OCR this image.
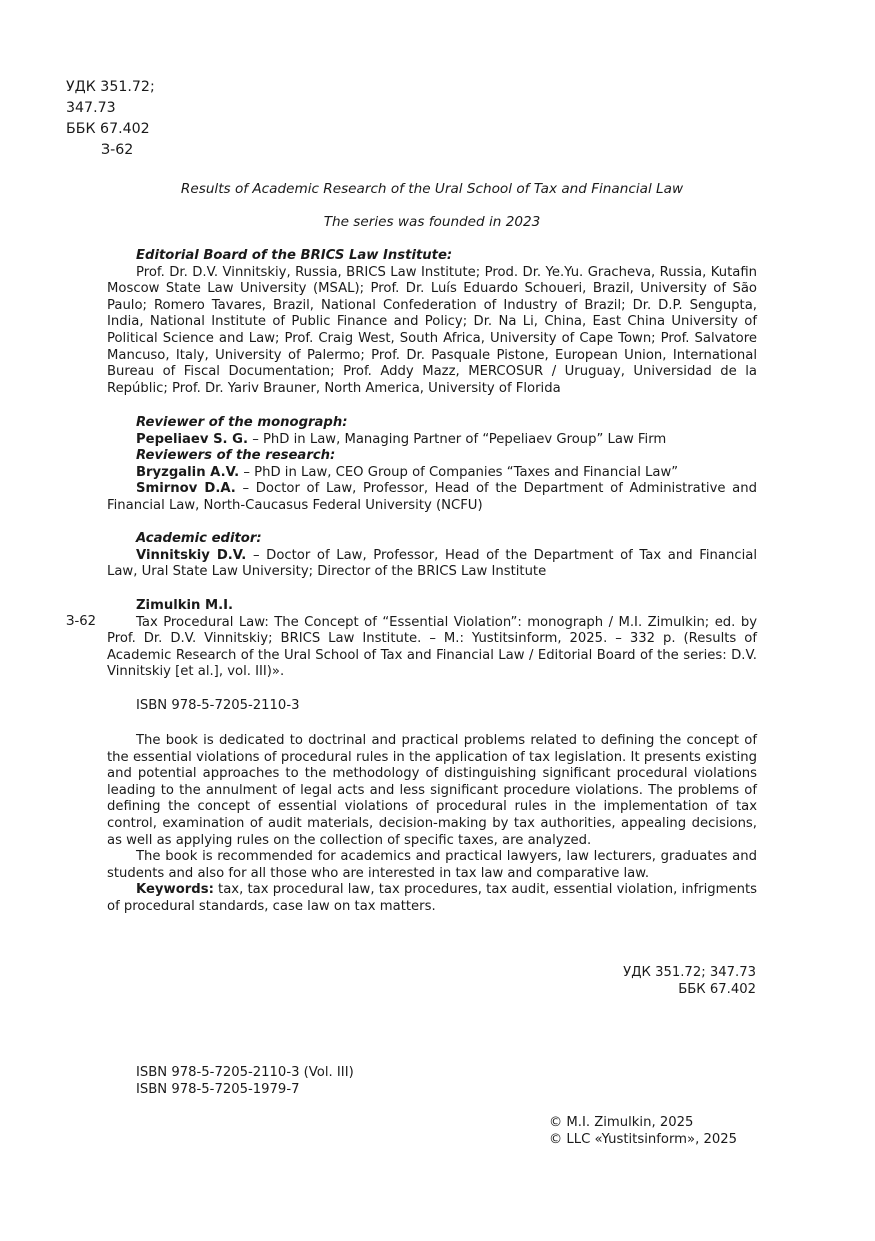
УДК 351.72;
347.73
ББК 67.402
З-62
Results of Academic Research of the Ural School of Tax and Financial Law
The series was founded in 2023

Editorial Board of the BRICS Law Institute:

Prof. Dr. D.V. Vinnitskiy, Russia, BRICS Law Institute; Prod. Dr. Ye.Yu. Gracheva, Russia, Kutafin Moscow State Law University (MSAL); Prof. Dr. Luís Eduardo Schoueri, Brazil, University of São Paulo; Romero Tavares, Brazil, National Confederation of Industry of Brazil; Dr. D.P. Sengupta, India, National Institute of Public Finance and Policy; Dr. Na Li, China, East China University of Political Science and Law; Prof. Craig West, South Africa, University of Cape Town; Prof. Salvatore Mancuso, Italy, University of Palermo; Prof. Dr. Pasquale Pistone, European Union, International Bureau of Fiscal Documentation; Prof. Addy Mazz, MERCOSUR / Uruguay, Universidad de la Repúblic; Prof. Dr. Yariv Brauner, North America, University of Florida

Reviewer of the monograph:

Pepeliaev S. G. – PhD in Law, Managing Partner of “Pepeliaev Group” Law Firm

Reviewers of the research:

Bryzgalin A.V. – PhD in Law, CEO Group of Companies “Taxes and Financial Law”

Smirnov D.A. – Doctor of Law, Professor, Head of the Department of Administrative and Financial Law, North-Caucasus Federal University (NCFU)

Academic editor:

Vinnitskiy D.V. – Doctor of Law, Professor, Head of the Department of Tax and Financial Law, Ural State Law University; Director of the BRICS Law Institute

З-62

Zimulkin M.I.

Tax Procedural Law: The Concept of “Essential Violation”: monograph / M.I. Zimulkin; ed. by Prof. Dr. D.V. Vinnitskiy; BRICS Law Institute. – M.: Yustitsinform, 2025. – 332 p. (Results of Academic Research of the Ural School of Tax and Financial Law / Editorial Board of the series: D.V. Vinnitskiy [et al.], vol. III)».

ISBN 978-5-7205-2110-3

The book is dedicated to doctrinal and practical problems related to defining the concept of the essential violations of procedural rules in the application of tax legislation. It presents existing and potential approaches to the methodology of distinguishing significant procedural violations leading to the annulment of legal acts and less significant procedure violations. The problems of defining the concept of essential violations of procedural rules in the implementation of tax control, examination of audit materials, decision-making by tax authorities, appealing decisions, as well as applying rules on the collection of specific taxes, are analyzed.

The book is recommended for academics and practical lawyers, law lecturers, graduates and students and also for all those who are interested in tax law and comparative law.

Keywords: tax, tax procedural law, tax procedures, tax audit, essential violation, infrigments of procedural standards, case law on tax matters.

УДК 351.72; 347.73
ББК 67.402
ISBN 978-5-7205-2110-3 (Vol. III)
ISBN 978-5-7205-1979-7
© M.I. Zimulkin, 2025
© LLC «Yustitsinform», 2025
